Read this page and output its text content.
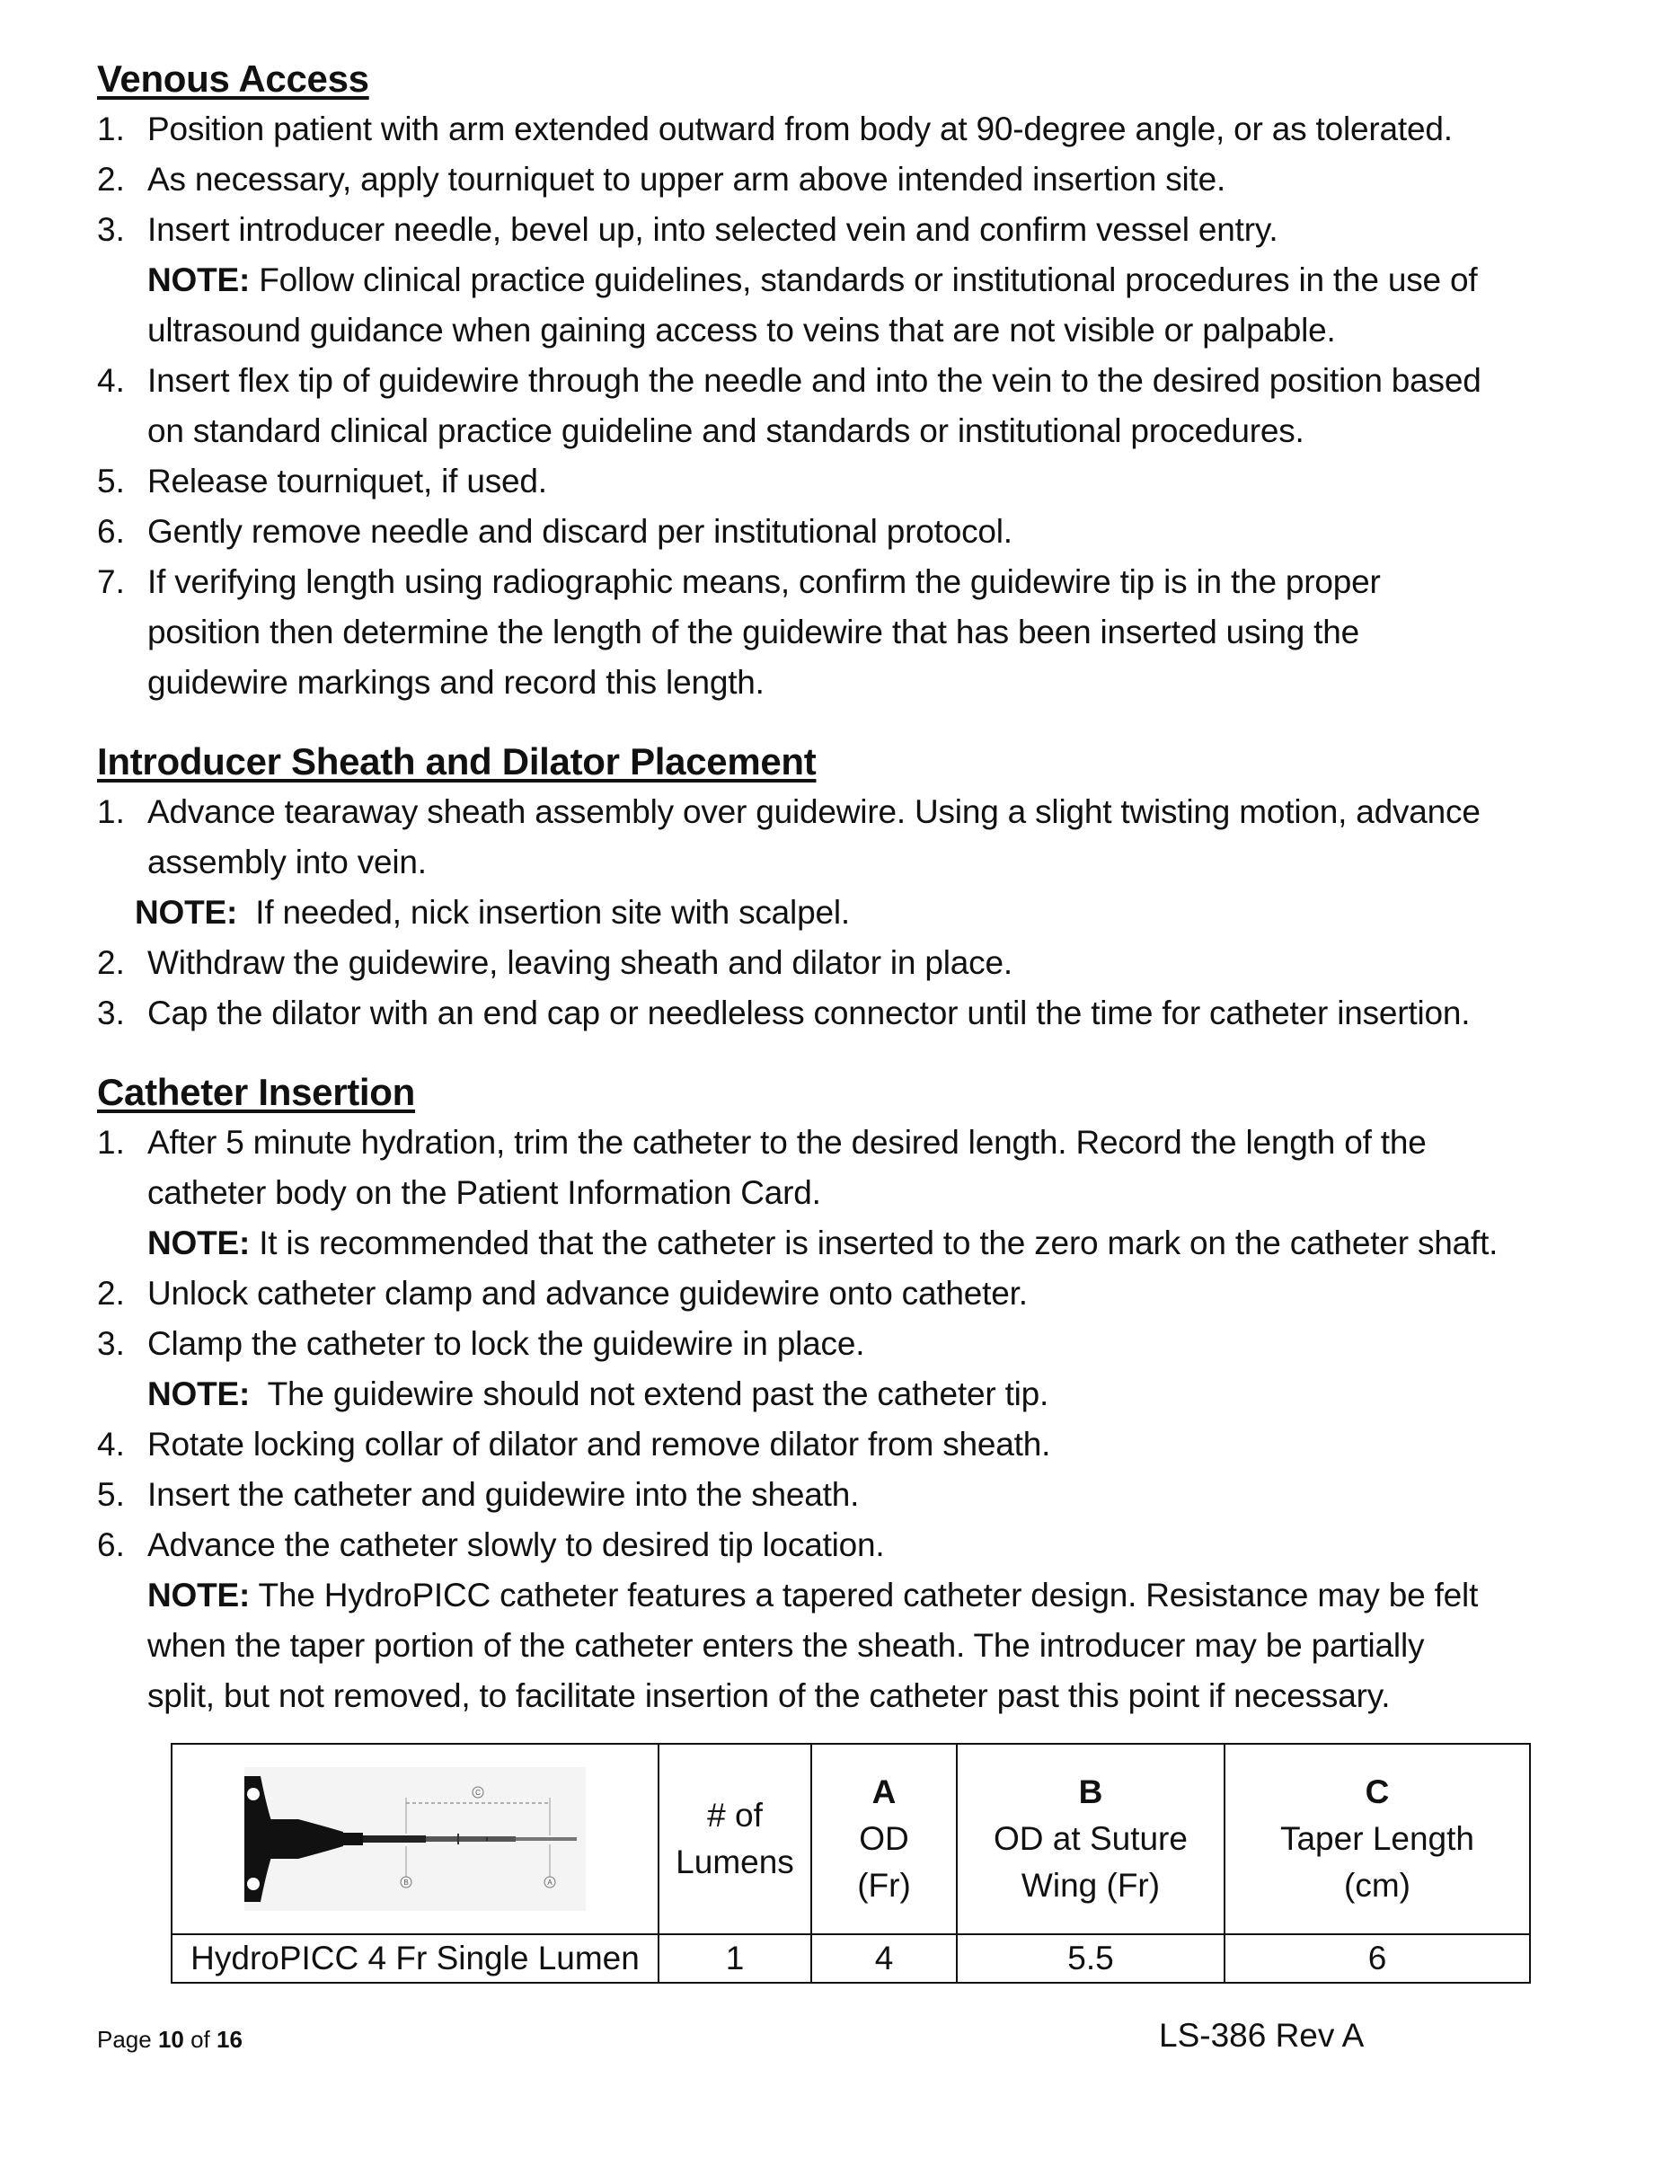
Venous Access
1. Position patient with arm extended outward from body at 90-degree angle, or as tolerated.
2. As necessary, apply tourniquet to upper arm above intended insertion site.
3. Insert introducer needle, bevel up, into selected vein and confirm vessel entry.
NOTE: Follow clinical practice guidelines, standards or institutional procedures in the use of
ultrasound guidance when gaining access to veins that are not visible or palpable.
4. Insert flex tip of guidewire through the needle and into the vein to the desired position based
on standard clinical practice guideline and standards or institutional procedures.
5. Release tourniquet, if used.
6. Gently remove needle and discard per institutional protocol.
7. If verifying length using radiographic means, confirm the guidewire tip is in the proper
position then determine the length of the guidewire that has been inserted using the
guidewire markings and record this length.
Introducer Sheath and Dilator Placement
1. Advance tearaway sheath assembly over guidewire. Using a slight twisting motion, advance
assembly into vein.
NOTE:  If needed, nick insertion site with scalpel.
2. Withdraw the guidewire, leaving sheath and dilator in place.
3. Cap the dilator with an end cap or needleless connector until the time for catheter insertion.
Catheter Insertion
1. After 5 minute hydration, trim the catheter to the desired length. Record the length of the
catheter body on the Patient Information Card.
NOTE: It is recommended that the catheter is inserted to the zero mark on the catheter shaft.
2. Unlock catheter clamp and advance guidewire onto catheter.
3. Clamp the catheter to lock the guidewire in place.
NOTE:  The guidewire should not extend past the catheter tip.
4. Rotate locking collar of dilator and remove dilator from sheath.
5. Insert the catheter and guidewire into the sheath.
6. Advance the catheter slowly to desired tip location.
NOTE: The HydroPICC catheter features a tapered catheter design. Resistance may be felt
when the taper portion of the catheter enters the sheath. The introducer may be partially
split, but not removed, to facilitate insertion of the catheter past this point if necessary.
C
B A	# of
Lumens	A
OD
(Fr)	B
OD at Suture
Wing (Fr)	C
Taper Length
(cm)

HydroPICC 4 Fr Single Lumen	1	4	5.5	6
Page 10 of 16	LS-386 Rev A
